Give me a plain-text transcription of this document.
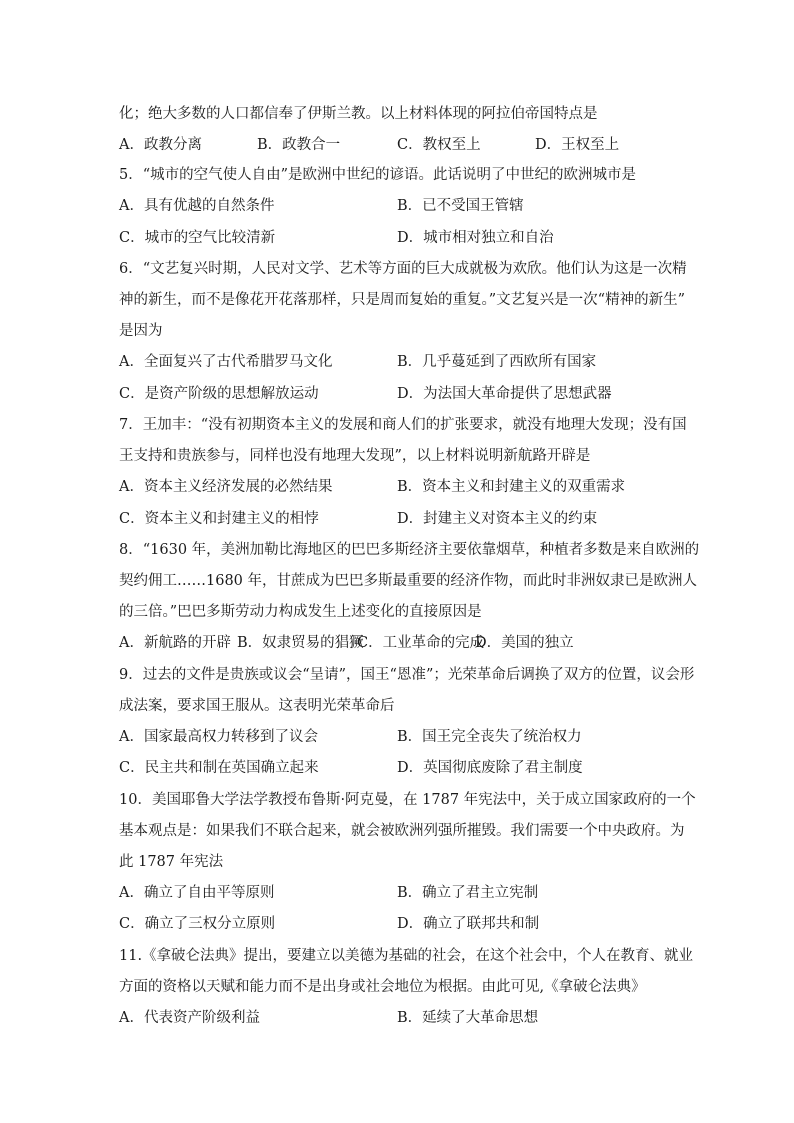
化；绝大多数的人口都信奉了伊斯兰教。以上材料体现的阿拉伯帝国特点是
A．政教分离	B．政教合一	C．教权至上	D．王权至上
5．“城市的空气使人自由”是欧洲中世纪的谚语。此话说明了中世纪的欧洲城市是
A．具有优越的自然条件	B．已不受国王管辖
C．城市的空气比较清新	D．城市相对独立和自治
6．“文艺复兴时期，人民对文学、艺术等方面的巨大成就极为欢欣。他们认为这是一次精
神的新生，而不是像花开花落那样，只是周而复始的重复。”文艺复兴是一次“精神的新生”
是因为
A．全面复兴了古代希腊罗马文化	B．几乎蔓延到了西欧所有国家
C．是资产阶级的思想解放运动	D．为法国大革命提供了思想武器
7．王加丰：“没有初期资本主义的发展和商人们的扩张要求，就没有地理大发现；没有国
王支持和贵族参与，同样也没有地理大发现”，以上材料说明新航路开辟是
A．资本主义经济发展的必然结果	B．资本主义和封建主义的双重需求
C．资本主义和封建主义的相悖	D．封建主义对资本主义的约束
8．“1630 年，美洲加勒比海地区的巴巴多斯经济主要依靠烟草，种植者多数是来自欧洲的
契约佣工……1680 年，甘蔗成为巴巴多斯最重要的经济作物，而此时非洲奴隶已是欧洲人
的三倍。”巴巴多斯劳动力构成发生上述变化的直接原因是
A．新航路的开辟 B．奴隶贸易的猖獗
C．工业革命的完成
D．美国的独立
9．过去的文件是贵族或议会“呈请”，国王“恩准”；光荣革命后调换了双方的位置，议会形
成法案，要求国王服从。这表明光荣革命后
A．国家最高权力转移到了议会	B．国王完全丧失了统治权力
C．民主共和制在英国确立起来	D．英国彻底废除了君主制度
10．美国耶鲁大学法学教授布鲁斯·阿克曼，在 1787 年宪法中，关于成立国家政府的一个
基本观点是：如果我们不联合起来，就会被欧洲列强所摧毁。我们需要一个中央政府。为
此 1787 年宪法
A．确立了自由平等原则	B．确立了君主立宪制
C．确立了三权分立原则	D．确立了联邦共和制
11.《拿破仑法典》提出，要建立以美德为基础的社会，在这个社会中，个人在教育、就业
方面的资格以天赋和能力而不是出身或社会地位为根据。由此可见,《拿破仑法典》
A．代表资产阶级利益	B．延续了大革命思想
